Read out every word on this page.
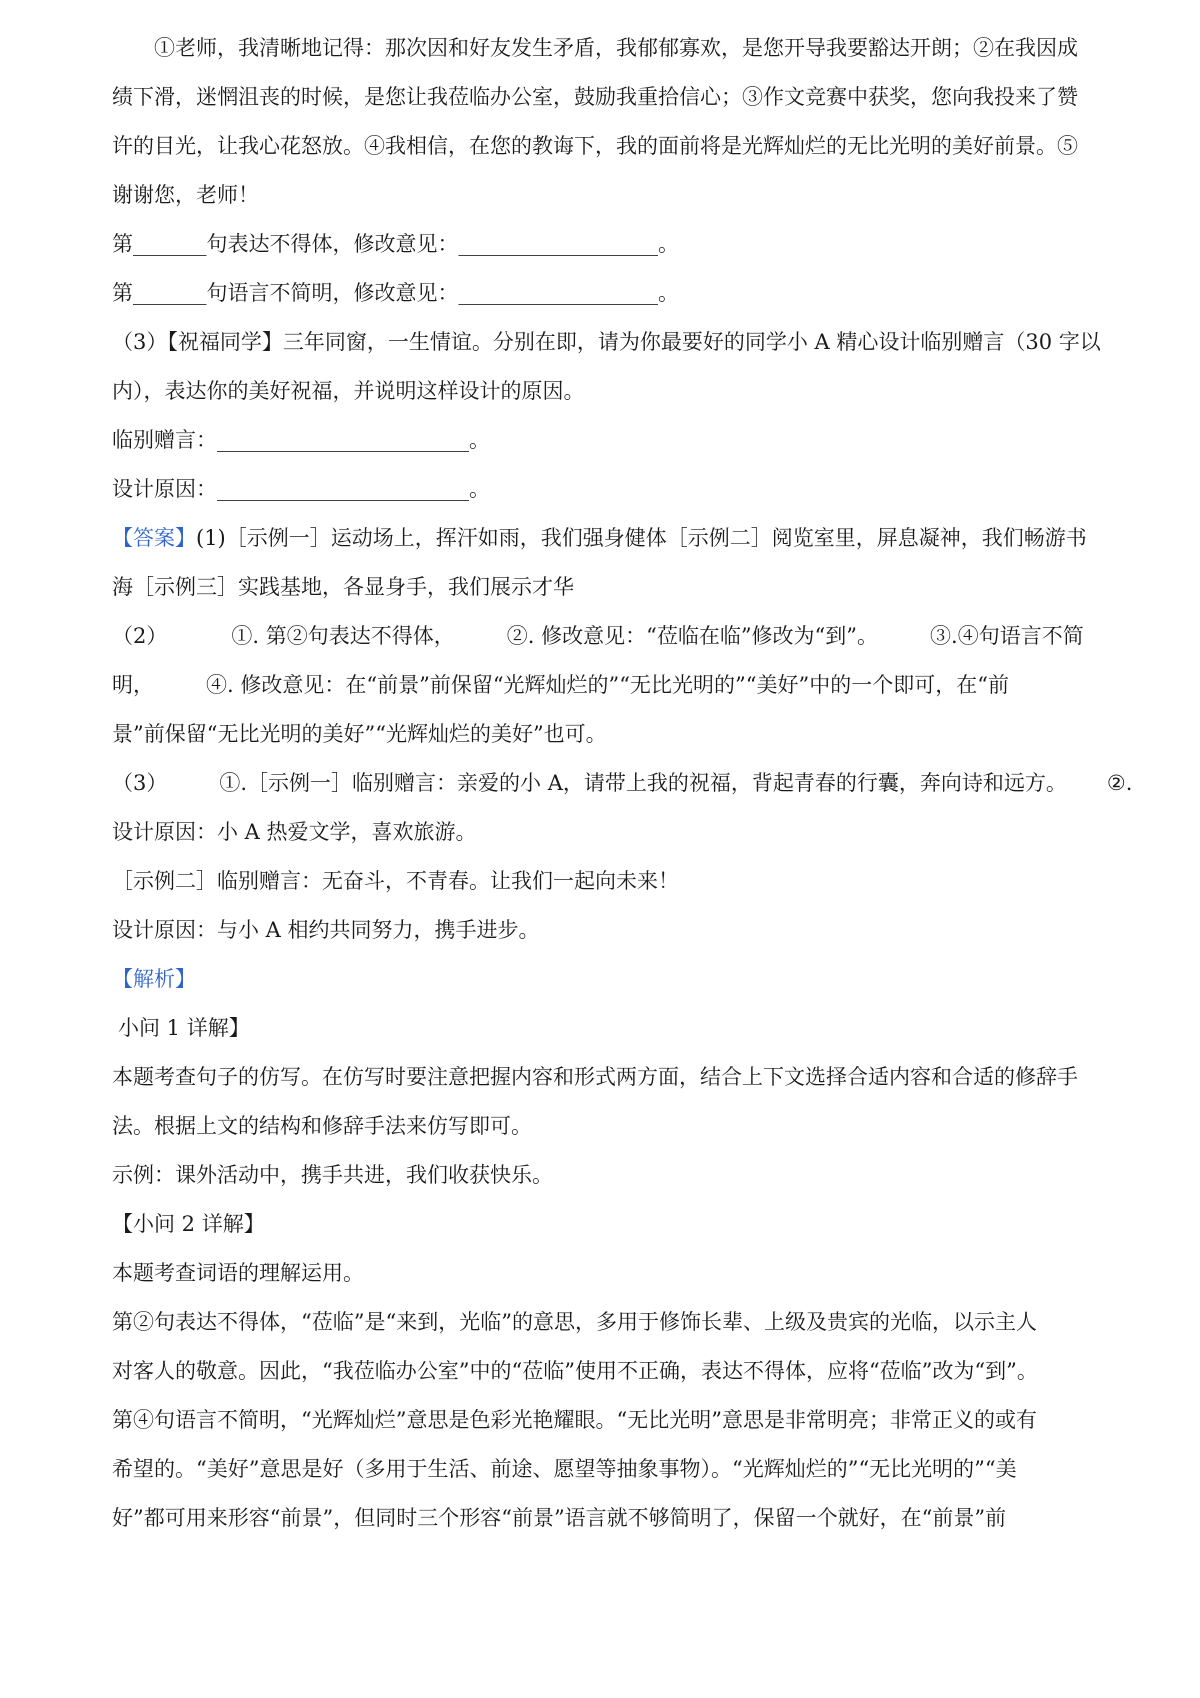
①老师，我清晰地记得：那次因和好友发生矛盾，我郁郁寡欢，是您开导我要豁达开朗；②在我因成
绩下滑，迷惘沮丧的时候，是您让我莅临办公室，鼓励我重拾信心；③作文竞赛中获奖，您向我投来了赞
许的目光，让我心花怒放。④我相信，在您的教诲下，我的面前将是光辉灿烂的无比光明的美好前景。⑤
谢谢您，老师！
第_______句表达不得体，修改意见：___________________。
第_______句语言不简明，修改意见：___________________。
（3）【祝福同学】三年同窗，一生情谊。分别在即，请为你最要好的同学小 A 精心设计临别赠言（30 字以
内），表达你的美好祝福，并说明这样设计的原因。
临别赠言：________________________。
设计原因：________________________。
【答案】(1)［示例一］运动场上，挥汗如雨，我们强身健体［示例二］阅览室里，屏息凝神，我们畅游书
海［示例三］实践基地，各显身手，我们展示才华
（2）	①. 第②句表达不得体， ②. 修改意见：“莅临在临”修改为“到”。 ③.④句语言不简
明， ④. 修改意见：在“前景”前保留“光辉灿烂的”“无比光明的”“美好”中的一个即可，在“前
景”前保留“无比光明的美好”“光辉灿烂的美好”也可。
（3） ①.［示例一］临别赠言：亲爱的小 A，请带上我的祝福，背起青春的行囊，奔向诗和远方。 ②.
设计原因：小 A 热爱文学，喜欢旅游。
［示例二］临别赠言：无奋斗，不青春。让我们一起向未来！
设计原因：与小 A 相约共同努力，携手进步。
【解析】
小问 1 详解】
本题考查句子的仿写。在仿写时要注意把握内容和形式两方面，结合上下文选择合适内容和合适的修辞手
法。根据上文的结构和修辞手法来仿写即可。
示例：课外活动中，携手共进，我们收获快乐。
【小问 2 详解】
本题考查词语的理解运用。
第②句表达不得体，“莅临”是“来到，光临”的意思，多用于修饰长辈、上级及贵宾的光临，以示主人
对客人的敬意。因此，“我莅临办公室”中的“莅临”使用不正确，表达不得体，应将“莅临”改为“到”。
第④句语言不简明，“光辉灿烂”意思是色彩光艳耀眼。“无比光明”意思是非常明亮；非常正义的或有
希望的。“美好”意思是好（多用于生活、前途、愿望等抽象事物）。“光辉灿烂的”“无比光明的”“美
好”都可用来形容“前景”，但同时三个形容“前景”语言就不够简明了，保留一个就好，在“前景”前
